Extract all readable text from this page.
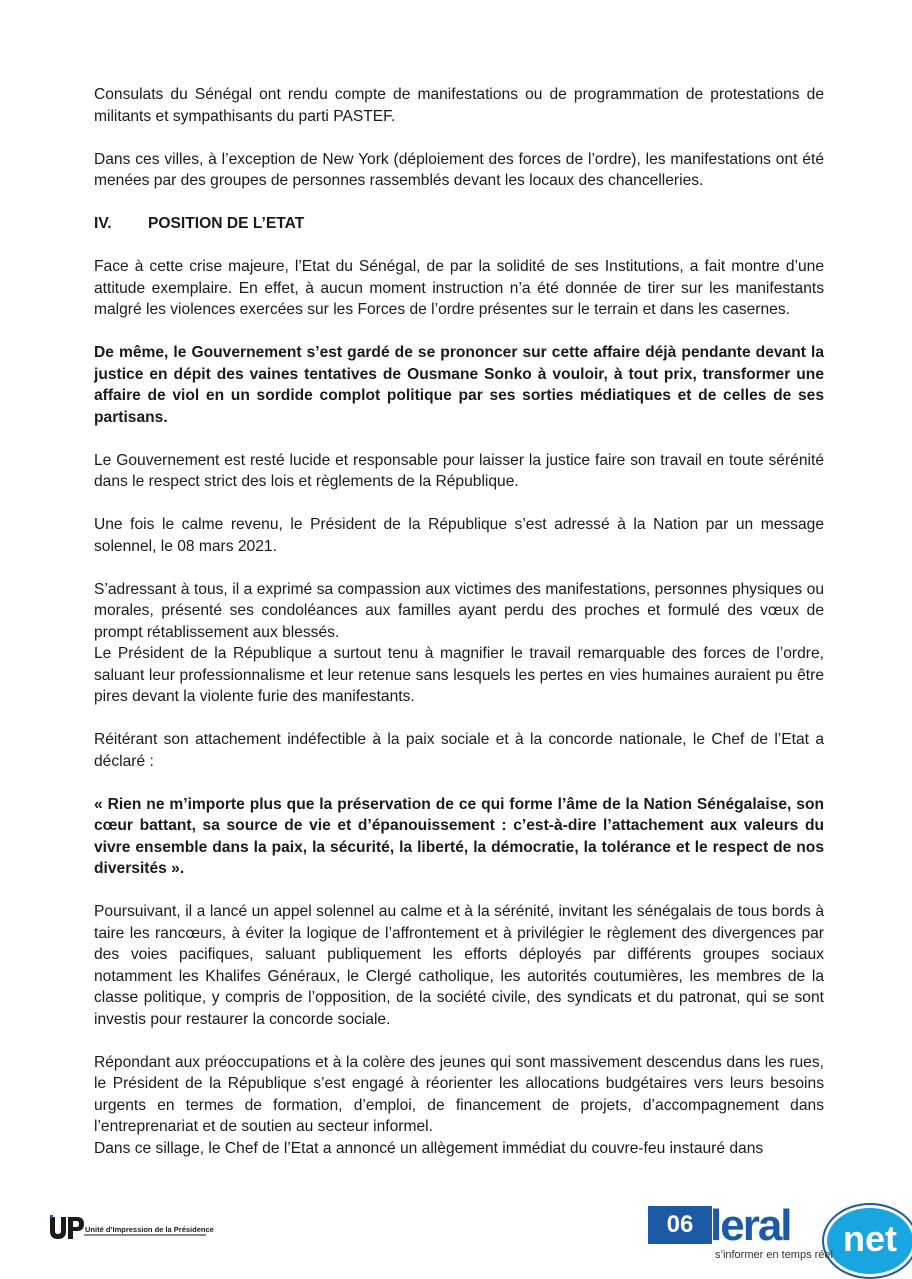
Consulats du Sénégal ont rendu compte de manifestations ou de programmation de protestations de militants et sympathisants du parti PASTEF.

Dans ces villes, à l’exception de New York (déploiement des forces de l’ordre), les manifestations ont été menées par des groupes de personnes rassemblés devant les locaux des chancelleries.

IV.	POSITION DE L’ETAT

Face à cette crise majeure, l’Etat du Sénégal, de par la solidité de ses Institutions, a fait montre d’une attitude exemplaire. En effet, à aucun moment instruction n’a été donnée de tirer sur les manifestants malgré les violences exercées sur les Forces de l’ordre présentes sur le terrain et dans les casernes.

De même, le Gouvernement s’est gardé de se prononcer sur cette affaire déjà pendante devant la justice en dépit des vaines tentatives de Ousmane Sonko à vouloir, à tout prix, transformer une affaire de viol en un sordide complot politique par ses sorties médiatiques et de celles de ses partisans.

Le Gouvernement est resté lucide et responsable pour laisser la justice faire son travail en toute sérénité dans le respect strict des lois et règlements de la République.

Une fois le calme revenu, le Président de la République s’est adressé à la Nation par un message solennel, le 08 mars 2021.

S’adressant à tous, il a exprimé sa compassion aux victimes des manifestations, personnes physiques ou morales, présenté ses condoléances aux familles ayant perdu des proches et formulé des vœux de prompt rétablissement aux blessés.

Le Président de la République a surtout tenu à magnifier le travail remarquable des forces de l’ordre, saluant leur professionnalisme et leur retenue sans lesquels les pertes en vies humaines auraient pu être pires devant la violente furie des manifestants.

Réitérant son attachement indéfectible à la paix sociale et à la concorde nationale, le Chef de l’Etat a déclaré :

« Rien ne m’importe plus que la préservation de ce qui forme l’âme de la Nation Sénégalaise, son cœur battant, sa source de vie et d’épanouissement : c’est-à-dire l’attachement aux valeurs du vivre ensemble dans la paix, la sécurité, la liberté, la démocratie, la tolérance et le respect de nos diversités ».

Poursuivant, il a lancé un appel solennel au calme et à la sérénité, invitant les sénégalais de tous bords à taire les rancœurs, à éviter la logique de l’affrontement et à privilégier le règlement des divergences par des voies pacifiques, saluant publiquement les efforts déployés par différents groupes sociaux notamment les Khalifes Généraux, le Clergé catholique, les autorités coutumières, les membres de la classe politique, y compris de l’opposition, de la société civile, des syndicats et du patronat, qui se sont investis pour restaurer la concorde sociale.

Répondant aux préoccupations et à la colère des jeunes qui sont massivement descendus dans les rues, le Président de la République s’est engagé à réorienter les allocations budgétaires vers leurs besoins urgents en termes de formation, d’emploi, de financement de projets, d’accompagnement dans l’entreprenariat et de soutien au secteur informel.

Dans ce sillage, le Chef de l’Etat a annoncé un allègement immédiat du couvre-feu instauré dans

Unité d’Impression de la Présidence	06 leral	net
s’informer en temps réel
